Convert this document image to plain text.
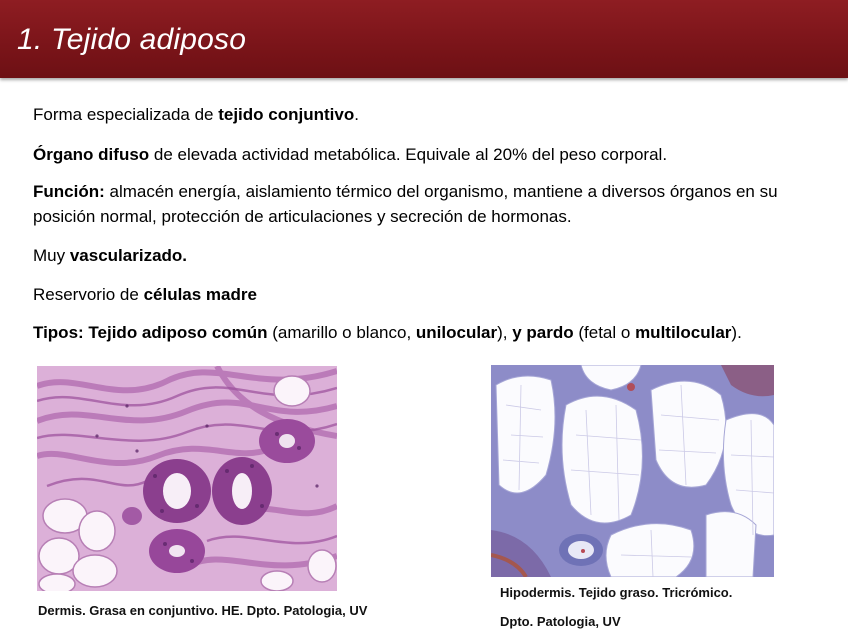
1. Tejido adiposo

Forma especializada de tejido conjuntivo.

Órgano difuso de elevada actividad metabólica. Equivale al 20% del peso corporal.

Función: almacén energía, aislamiento térmico del organismo, mantiene a diversos órganos en su posición normal, protección de articulaciones y secreción de hormonas.

Muy vascularizado.

Reservorio de células madre

Tipos: Tejido adiposo común (amarillo o blanco, unilocular), y pardo (fetal o multilocular).

Dermis. Grasa en conjuntivo. HE. Dpto. Patologia, UV

Hipodermis. Tejido graso. Tricrómico.

Dpto. Patologia, UV
